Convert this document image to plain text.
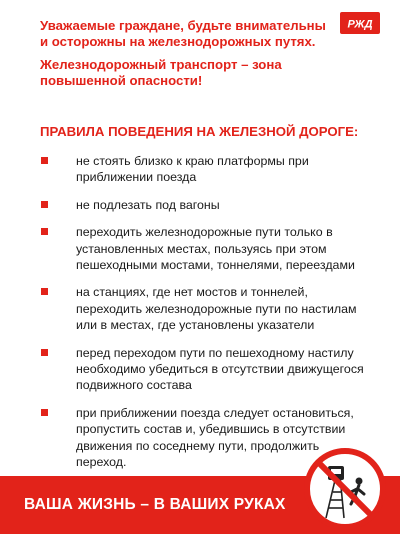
Уважаемые граждане, будьте внимательны и осторожны на железнодорожных путях.

Железнодорожный транспорт – зона повышенной опасности!

РЖД
ПРАВИЛА ПОВЕДЕНИЯ НА ЖЕЛЕЗНОЙ ДОРОГЕ:
не стоять близко к краю платформы при приближении поезда
не подлезать под вагоны
переходить железнодорожные пути только в установленных местах, пользуясь при этом пешеходными мостами, тоннелями, переездами
на станциях, где нет мостов и тоннелей, переходить железнодорожные пути по настилам или в местах, где установлены указатели
перед переходом пути по пешеходному настилу необходимо убедиться в отсутствии движущегося подвижного состава
при приближении поезда следует остановиться, пропустить состав и, убедившись в отсутствии движения по соседнему пути, продолжить переход.
ВАША ЖИЗНЬ – В ВАШИХ РУКАХ
